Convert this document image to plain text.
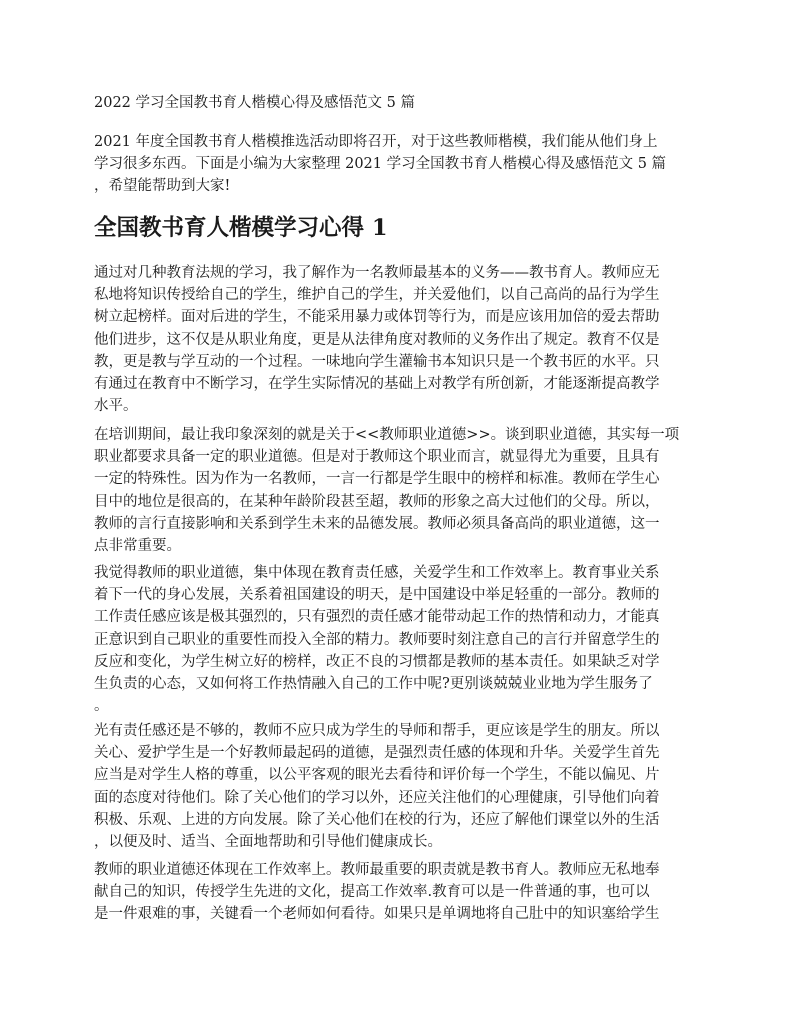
2022 学习全国教书育人楷模心得及感悟范文 5 篇
2021 年度全国教书育人楷模推选活动即将召开，对于这些教师楷模，我们能从他们身上
学习很多东西。下面是小编为大家整理 2021 学习全国教书育人楷模心得及感悟范文 5 篇
，希望能帮助到大家!
全国教书育人楷模学习心得 1
通过对几种教育法规的学习，我了解作为一名教师最基本的义务——教书育人。教师应无
私地将知识传授给自己的学生，维护自己的学生，并关爱他们，以自己高尚的品行为学生
树立起榜样。面对后进的学生，不能采用暴力或体罚等行为，而是应该用加倍的爱去帮助
他们进步，这不仅是从职业角度，更是从法律角度对教师的义务作出了规定。教育不仅是
教，更是教与学互动的一个过程。一味地向学生灌输书本知识只是一个教书匠的水平。只
有通过在教育中不断学习，在学生实际情况的基础上对教学有所创新，才能逐渐提高教学
水平。
在培训期间，最让我印象深刻的就是关于<<教师职业道德>>。谈到职业道德，其实每一项
职业都要求具备一定的职业道德。但是对于教师这个职业而言，就显得尤为重要，且具有
一定的特殊性。因为作为一名教师，一言一行都是学生眼中的榜样和标准。教师在学生心
目中的地位是很高的，在某种年龄阶段甚至超，教师的形象之高大过他们的父母。所以，
教师的言行直接影响和关系到学生未来的品德发展。教师必须具备高尚的职业道德，这一
点非常重要。
我觉得教师的职业道德，集中体现在教育责任感，关爱学生和工作效率上。教育事业关系
着下一代的身心发展，关系着祖国建设的明天，是中国建设中举足轻重的一部分。教师的
工作责任感应该是极其强烈的，只有强烈的责任感才能带动起工作的热情和动力，才能真
正意识到自己职业的重要性而投入全部的精力。教师要时刻注意自己的言行并留意学生的
反应和变化，为学生树立好的榜样，改正不良的习惯都是教师的基本责任。如果缺乏对学
生负责的心态，又如何将工作热情融入自己的工作中呢?更别谈兢兢业业地为学生服务了
。
光有责任感还是不够的，教师不应只成为学生的导师和帮手，更应该是学生的朋友。所以
关心、爱护学生是一个好教师最起码的道德，是强烈责任感的体现和升华。关爱学生首先
应当是对学生人格的尊重，以公平客观的眼光去看待和评价每一个学生，不能以偏见、片
面的态度对待他们。除了关心他们的学习以外，还应关注他们的心理健康，引导他们向着
积极、乐观、上进的方向发展。除了关心他们在校的行为，还应了解他们课堂以外的生活
，以便及时、适当、全面地帮助和引导他们健康成长。
教师的职业道德还体现在工作效率上。教师最重要的职责就是教书育人。教师应无私地奉
献自己的知识，传授学生先进的文化，提高工作效率.教育可以是一件普通的事，也可以
是一件艰难的事，关键看一个老师如何看待。如果只是单调地将自己肚中的知识塞给学生
